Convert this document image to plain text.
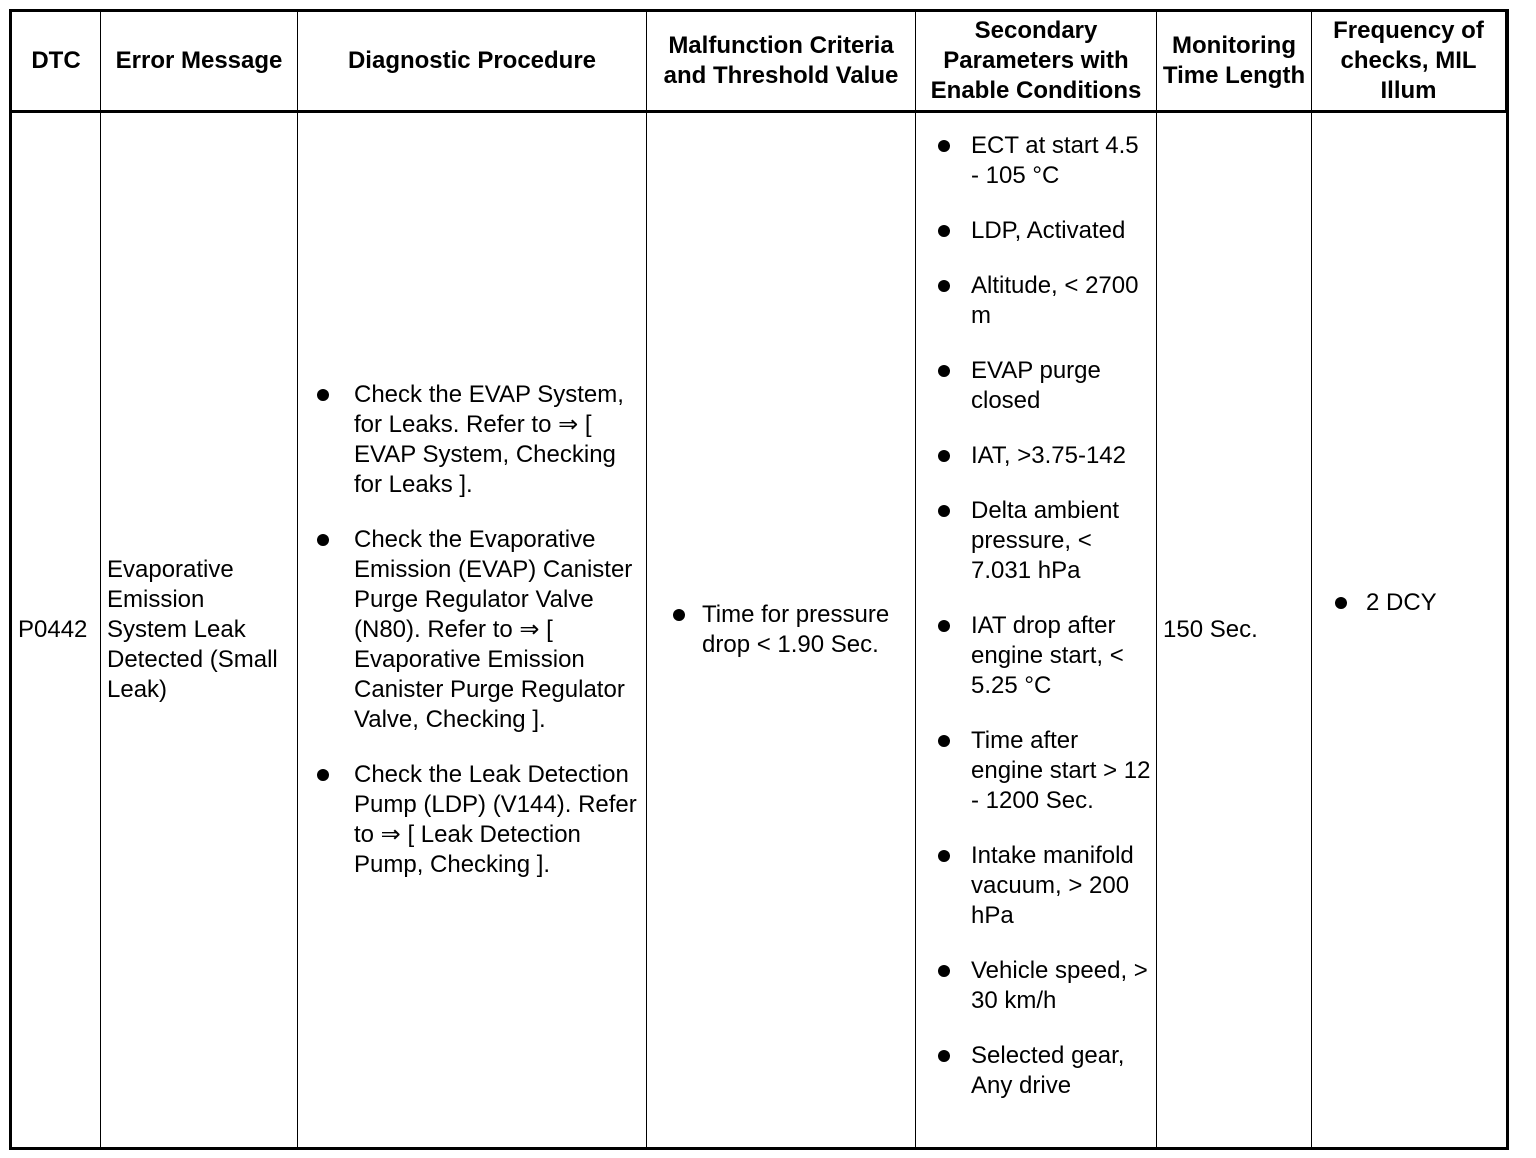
DTC	Error Message	Diagnostic Procedure
Malfunction Criteria and Threshold Value
Secondary Parameters with Enable Conditions
Monitoring Time Length
Frequency of checks, MIL Illum
P0442
Evaporative Emission System Leak Detected (Small Leak)
Check the EVAP System, for Leaks. Refer to ⇒ [ EVAP System, Checking for Leaks ].
Check the Evaporative Emission (EVAP) Canister Purge Regulator Valve (N80). Refer to ⇒ [ Evaporative Emission Canister Purge Regulator Valve, Checking ].
Check the Leak Detection Pump (LDP) (V144). Refer to ⇒ [ Leak Detection Pump, Checking ].
Time for pressure drop < 1.90 Sec.
ECT at start 4.5 - 105 °C
LDP, Activated
Altitude, < 2700 m
EVAP purge closed
IAT, >3.75-142
Delta ambient pressure, < 7.031 hPa
IAT drop after engine start, < 5.25 °C
Time after engine start > 12 - 1200 Sec.
Intake manifold vacuum, > 200 hPa
Vehicle speed, > 30 km/h
Selected gear, Any drive
150 Sec.
2 DCY
